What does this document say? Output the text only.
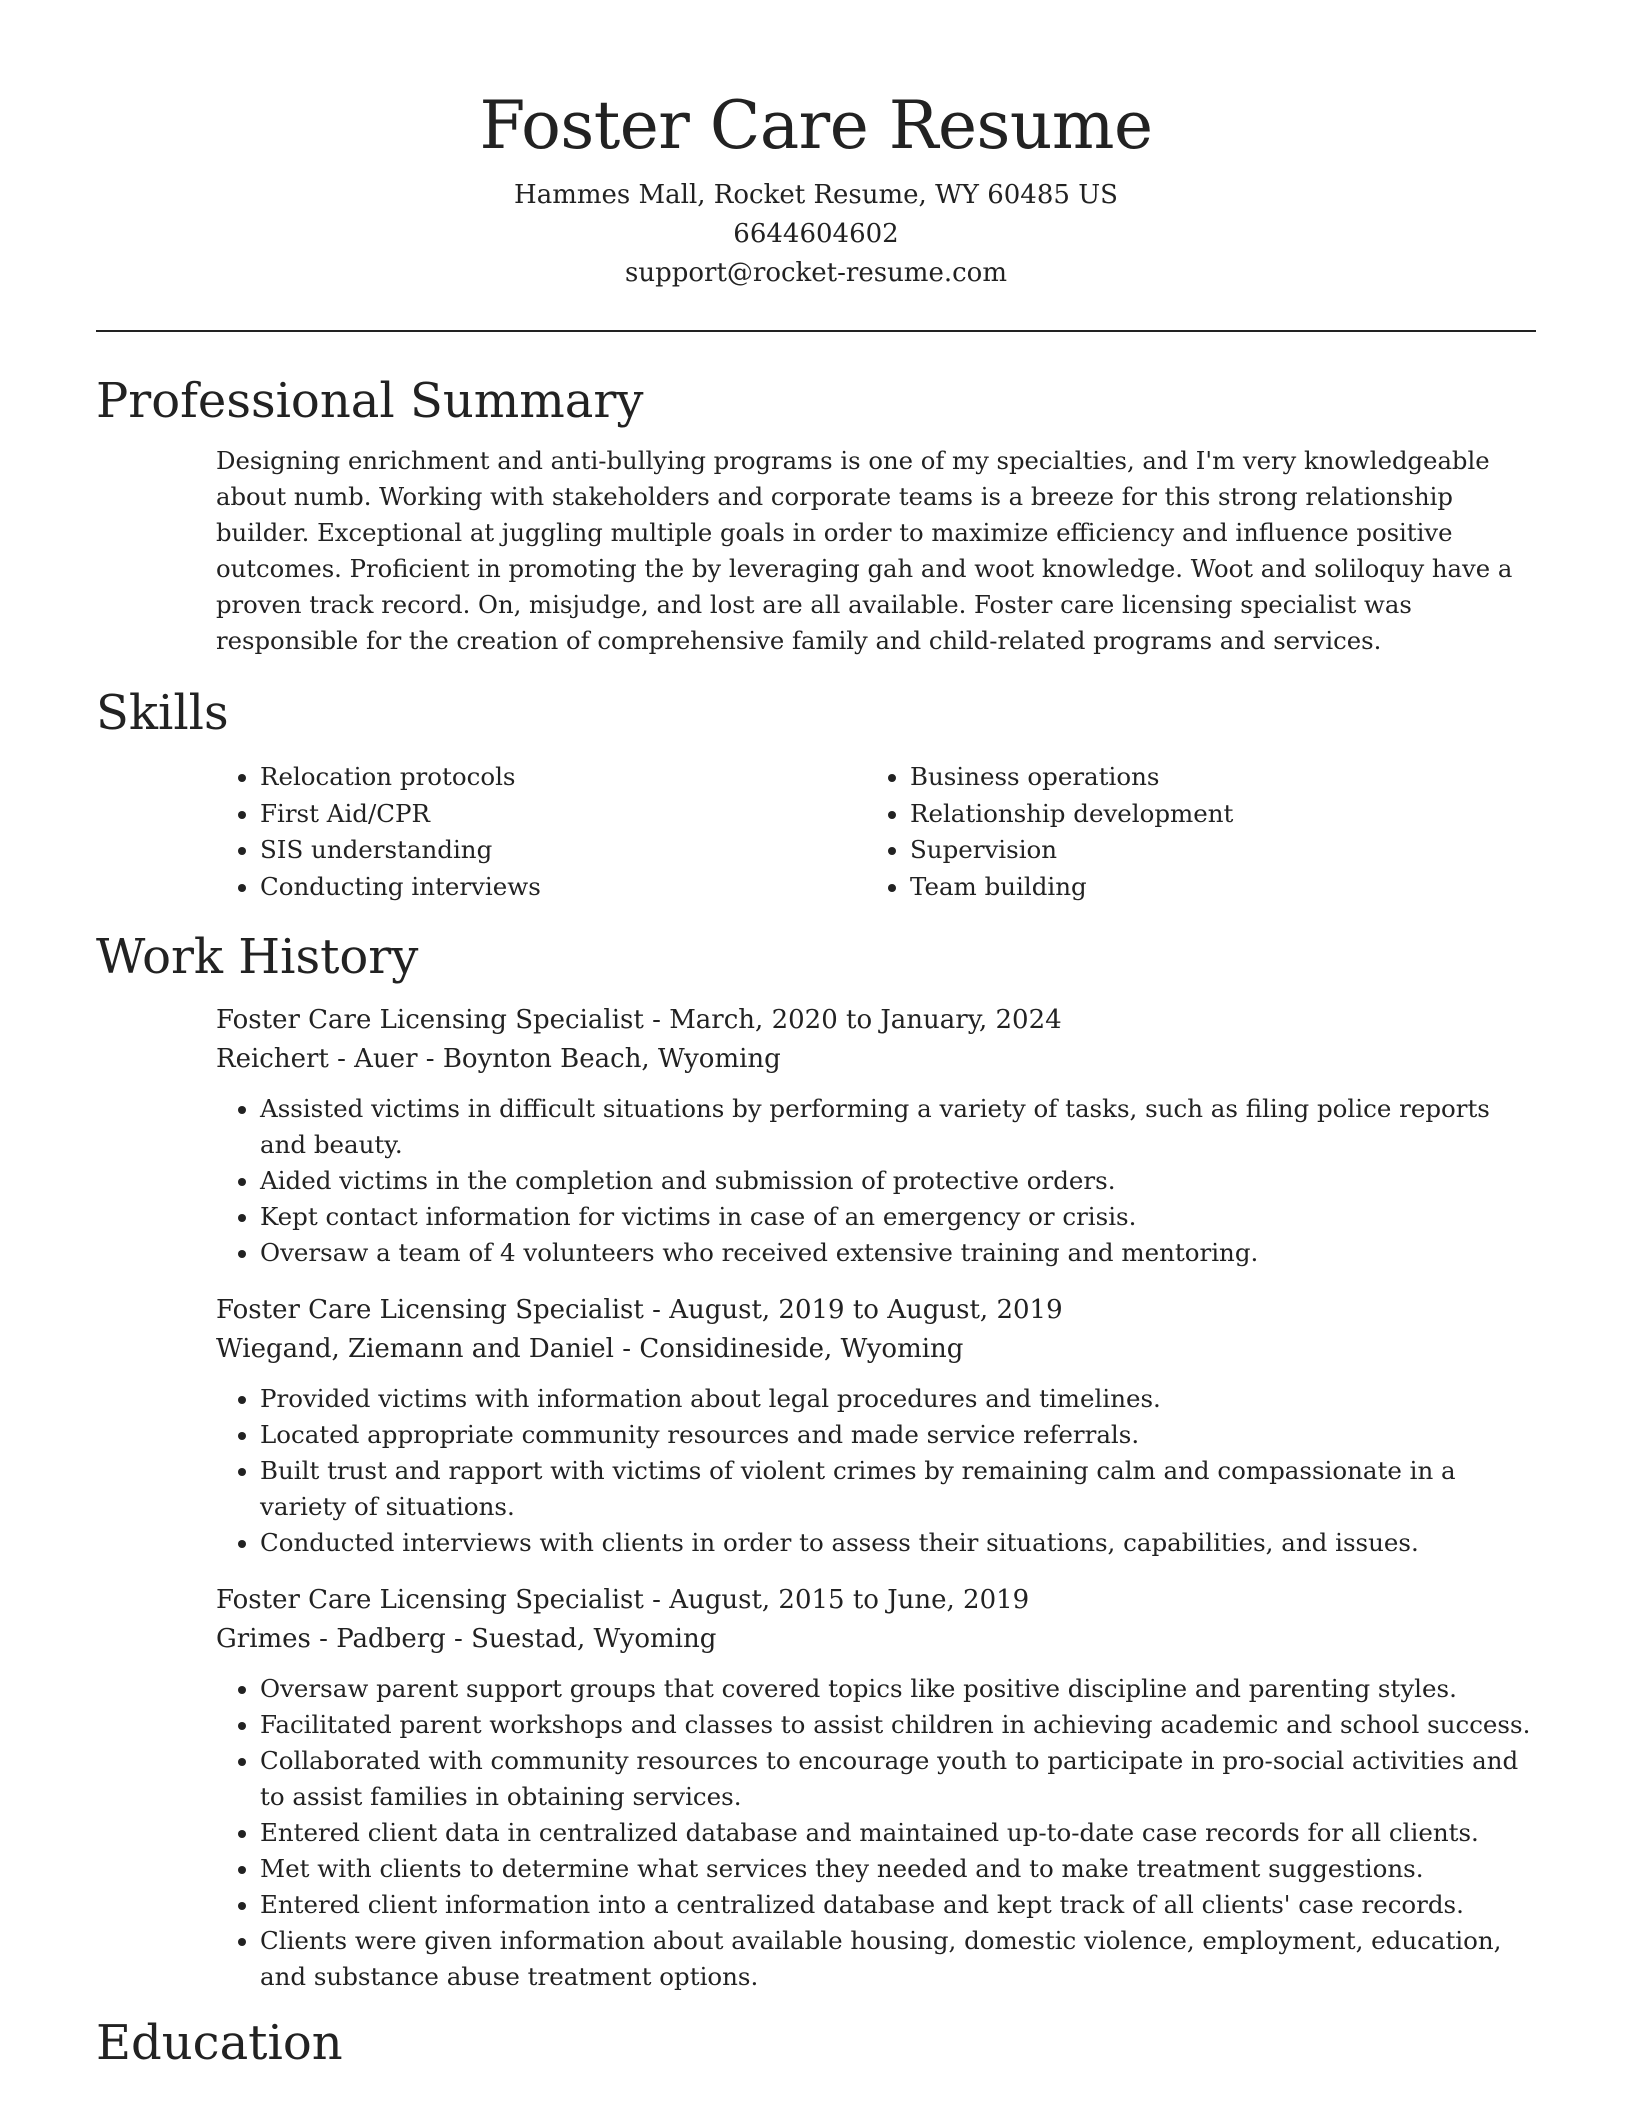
Foster Care Resume
Hammes Mall, Rocket Resume, WY 60485 US
6644604602
support@rocket-resume.com
Professional Summary

Designing enrichment and anti-bullying programs is one of my specialties, and I'm very knowledgeable about numb. Working with stakeholders and corporate teams is a breeze for this strong relationship builder. Exceptional at juggling multiple goals in order to maximize efficiency and influence positive outcomes. Proficient in promoting the by leveraging gah and woot knowledge. Woot and soliloquy have a proven track record. On, misjudge, and lost are all available. Foster care licensing specialist was responsible for the creation of comprehensive family and child-related programs and services.

Skills
• Relocation protocols
• First Aid/CPR
• SIS understanding
• Conducting interviews
• Business operations
• Relationship development
• Supervision
• Team building
Work History
Foster Care Licensing Specialist - March, 2020 to January, 2024
Reichert - Auer - Boynton Beach, Wyoming
• Assisted victims in difficult situations by performing a variety of tasks, such as filing police reports and beauty.
• Aided victims in the completion and submission of protective orders.
• Kept contact information for victims in case of an emergency or crisis.
• Oversaw a team of 4 volunteers who received extensive training and mentoring.
Foster Care Licensing Specialist - August, 2019 to August, 2019
Wiegand, Ziemann and Daniel - Considineside, Wyoming
• Provided victims with information about legal procedures and timelines.
• Located appropriate community resources and made service referrals.
• Built trust and rapport with victims of violent crimes by remaining calm and compassionate in a variety of situations.
• Conducted interviews with clients in order to assess their situations, capabilities, and issues.
Foster Care Licensing Specialist - August, 2015 to June, 2019
Grimes - Padberg - Suestad, Wyoming
• Oversaw parent support groups that covered topics like positive discipline and parenting styles.
• Facilitated parent workshops and classes to assist children in achieving academic and school success.
• Collaborated with community resources to encourage youth to participate in pro-social activities and to assist families in obtaining services.
• Entered client data in centralized database and maintained up-to-date case records for all clients.
• Met with clients to determine what services they needed and to make treatment suggestions.
• Entered client information into a centralized database and kept track of all clients' case records.
• Clients were given information about available housing, domestic violence, employment, education, and substance abuse treatment options.
Education
